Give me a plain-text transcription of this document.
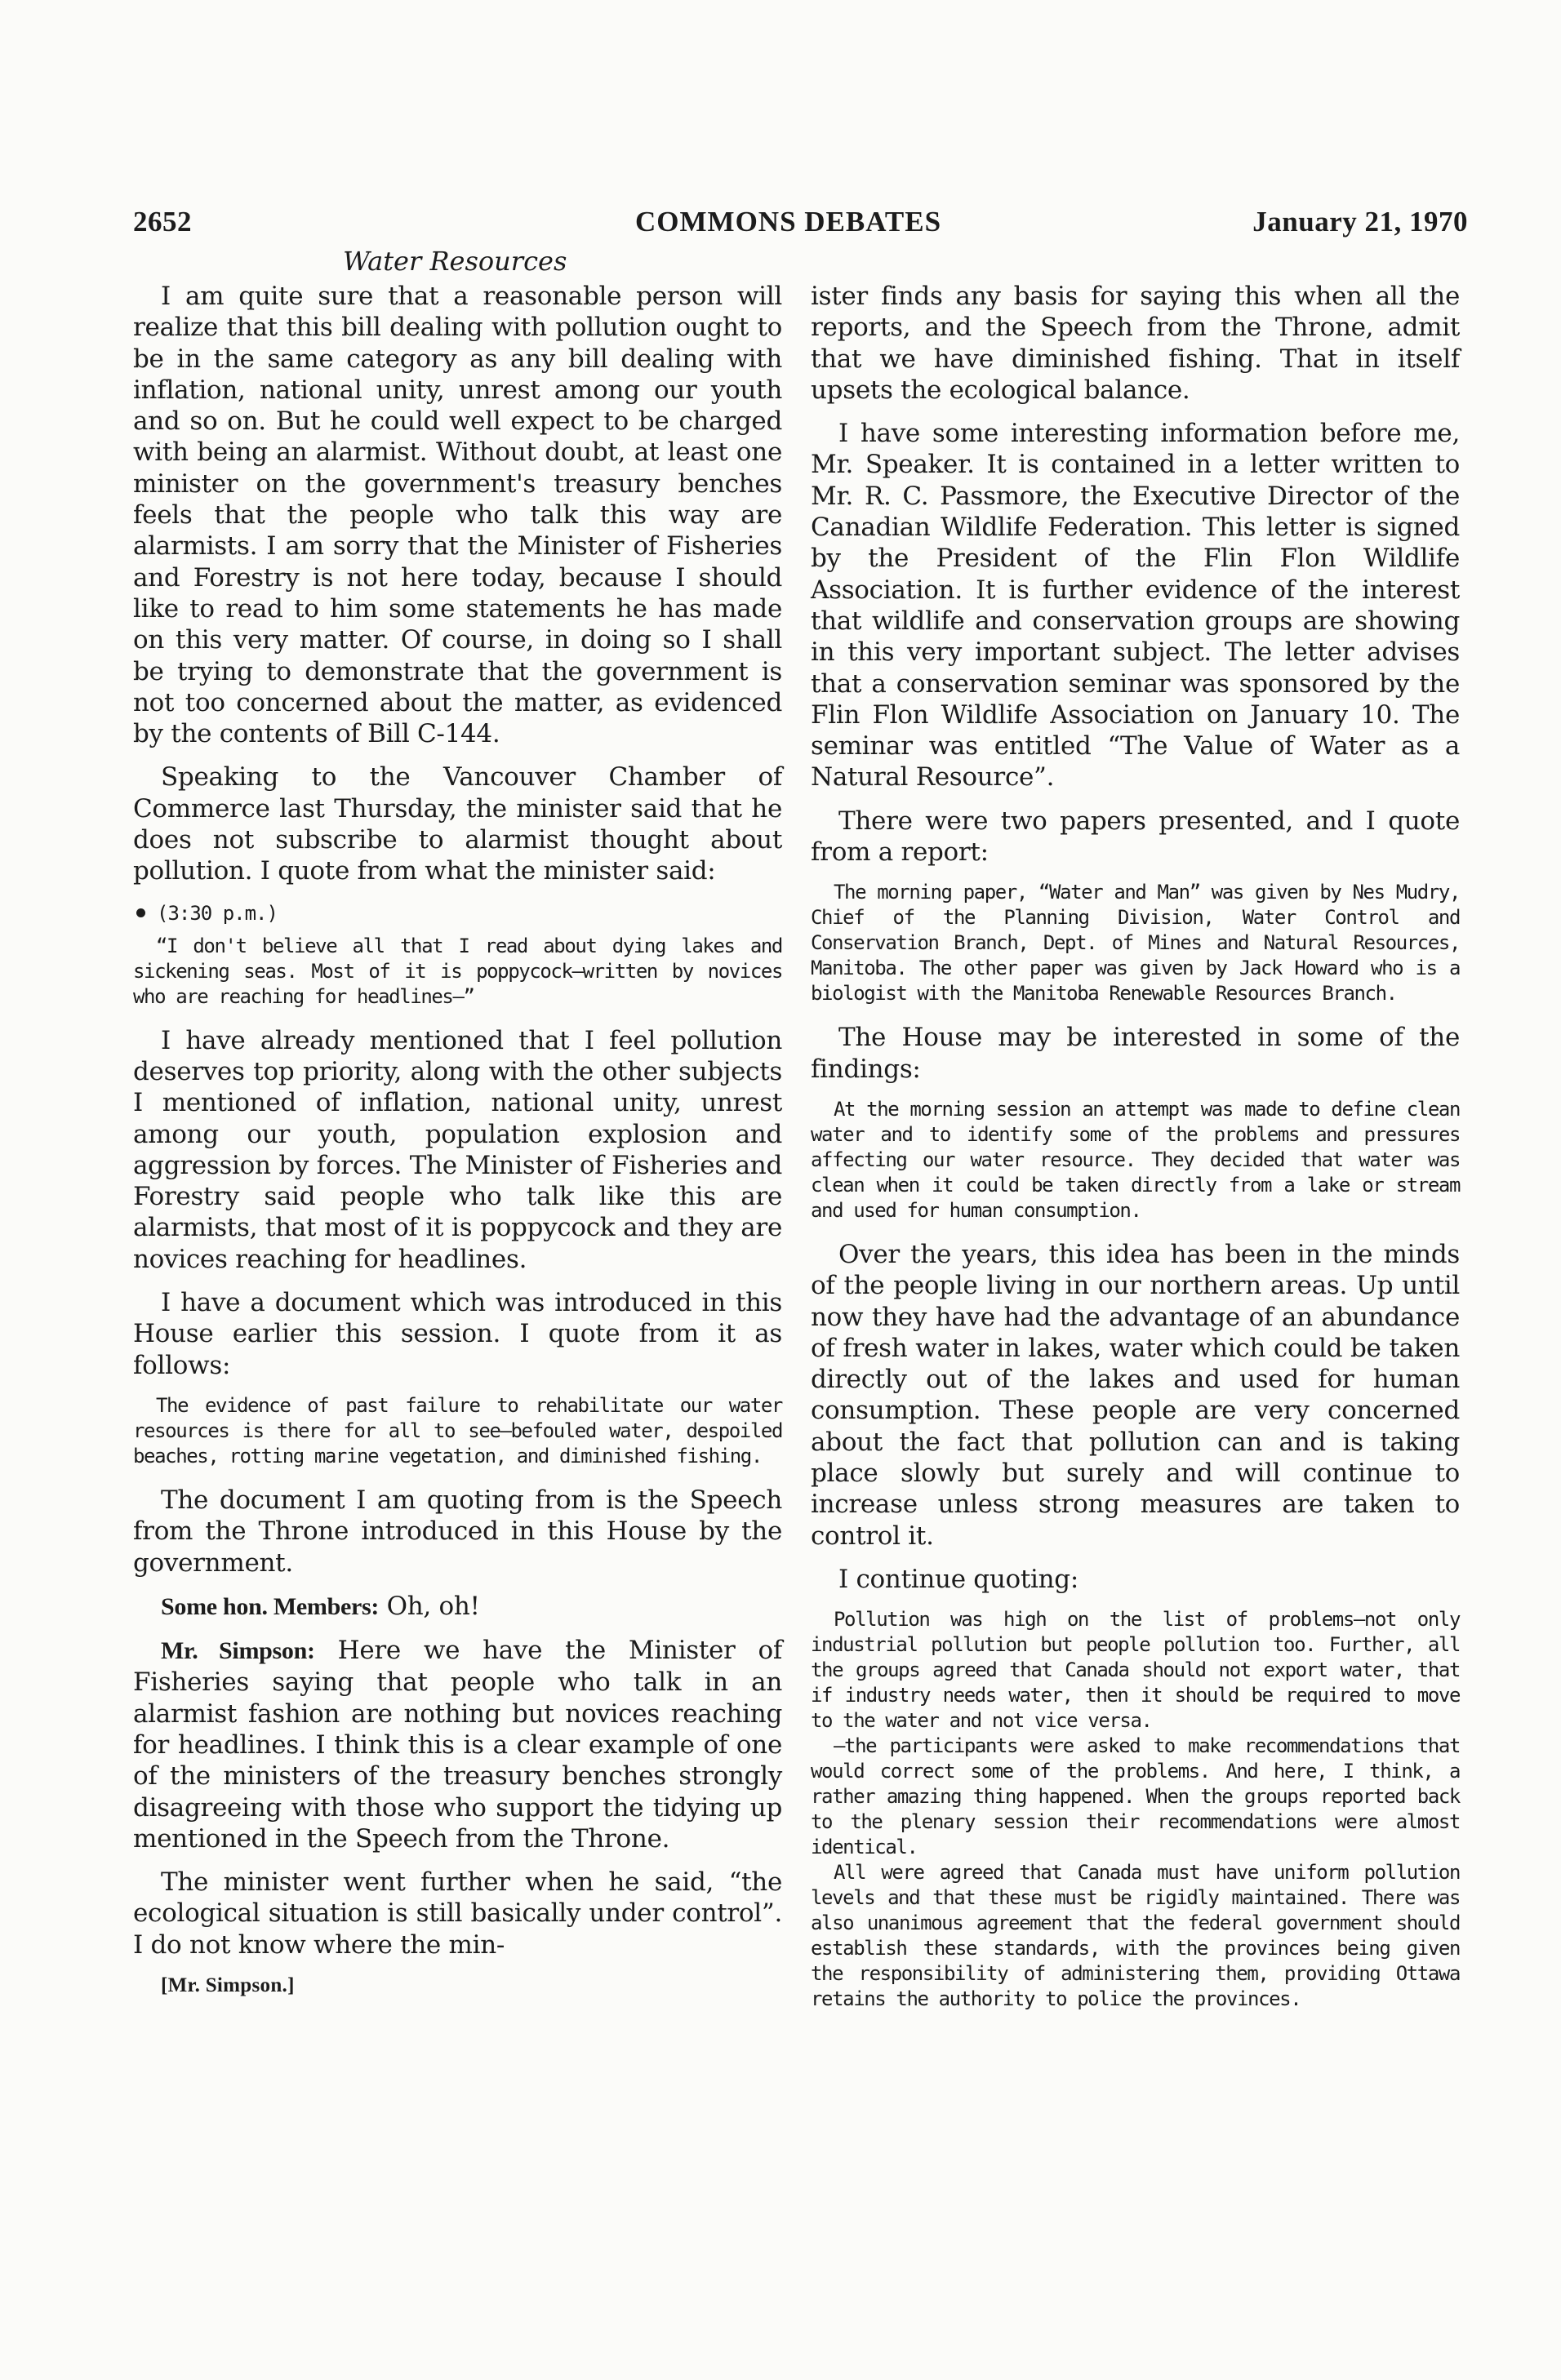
2652	COMMONS DEBATES	January 21, 1970
Water Resources

I am quite sure that a reasonable person will realize that this bill dealing with pollution ought to be in the same category as any bill dealing with inflation, national unity, unrest among our youth and so on. But he could well expect to be charged with being an alarmist. Without doubt, at least one minister on the government's treasury benches feels that the people who talk this way are alarmists. I am sorry that the Minister of Fisheries and Forestry is not here today, because I should like to read to him some statements he has made on this very matter. Of course, in doing so I shall be trying to demonstrate that the government is not too concerned about the matter, as evidenced by the contents of Bill C-144.

Speaking to the Vancouver Chamber of Commerce last Thursday, the minister said that he does not subscribe to alarmist thought about pollution. I quote from what the minister said:

(3:30 p.m.)

“I don't believe all that I read about dying lakes and sickening seas. Most of it is poppycock—written by novices who are reaching for headlines—”

I have already mentioned that I feel pollution deserves top priority, along with the other subjects I mentioned of inflation, national unity, unrest among our youth, population explosion and aggression by forces. The Minister of Fisheries and Forestry said people who talk like this are alarmists, that most of it is poppycock and they are novices reaching for headlines.

I have a document which was introduced in this House earlier this session. I quote from it as follows:

The evidence of past failure to rehabilitate our water resources is there for all to see—befouled water, despoiled beaches, rotting marine vegetation, and diminished fishing.

The document I am quoting from is the Speech from the Throne introduced in this House by the government.

Some hon. Members: Oh, oh!

Mr. Simpson: Here we have the Minister of Fisheries saying that people who talk in an alarmist fashion are nothing but novices reaching for headlines. I think this is a clear example of one of the ministers of the treasury benches strongly disagreeing with those who support the tidying up mentioned in the Speech from the Throne.

The minister went further when he said, “the ecological situation is still basically under control”. I do not know where the min-

[Mr. Simpson.]

ister finds any basis for saying this when all the reports, and the Speech from the Throne, admit that we have diminished fishing. That in itself upsets the ecological balance.

I have some interesting information before me, Mr. Speaker. It is contained in a letter written to Mr. R. C. Passmore, the Executive Director of the Canadian Wildlife Federation. This letter is signed by the President of the Flin Flon Wildlife Association. It is further evidence of the interest that wildlife and conservation groups are showing in this very important subject. The letter advises that a conservation seminar was sponsored by the Flin Flon Wildlife Association on January 10. The seminar was entitled “The Value of Water as a Natural Resource”.

There were two papers presented, and I quote from a report:

The morning paper, “Water and Man” was given by Nes Mudry, Chief of the Planning Division, Water Control and Conservation Branch, Dept. of Mines and Natural Resources, Manitoba. The other paper was given by Jack Howard who is a biologist with the Manitoba Renewable Resources Branch.

The House may be interested in some of the findings:

At the morning session an attempt was made to define clean water and to identify some of the problems and pressures affecting our water resource. They decided that water was clean when it could be taken directly from a lake or stream and used for human consumption.

Over the years, this idea has been in the minds of the people living in our northern areas. Up until now they have had the advantage of an abundance of fresh water in lakes, water which could be taken directly out of the lakes and used for human consumption. These people are very concerned about the fact that pollution can and is taking place slowly but surely and will continue to increase unless strong measures are taken to control it.

I continue quoting:

Pollution was high on the list of problems—not only industrial pollution but people pollution too. Further, all the groups agreed that Canada should not export water, that if industry needs water, then it should be required to move to the water and not vice versa.
—the participants were asked to make recommendations that would correct some of the problems. And here, I think, a rather amazing thing happened. When the groups reported back to the plenary session their recommendations were almost identical.
All were agreed that Canada must have uniform pollution levels and that these must be rigidly maintained. There was also unanimous agreement that the federal government should establish these standards, with the provinces being given the responsibility of administering them, providing Ottawa retains the authority to police the provinces.
